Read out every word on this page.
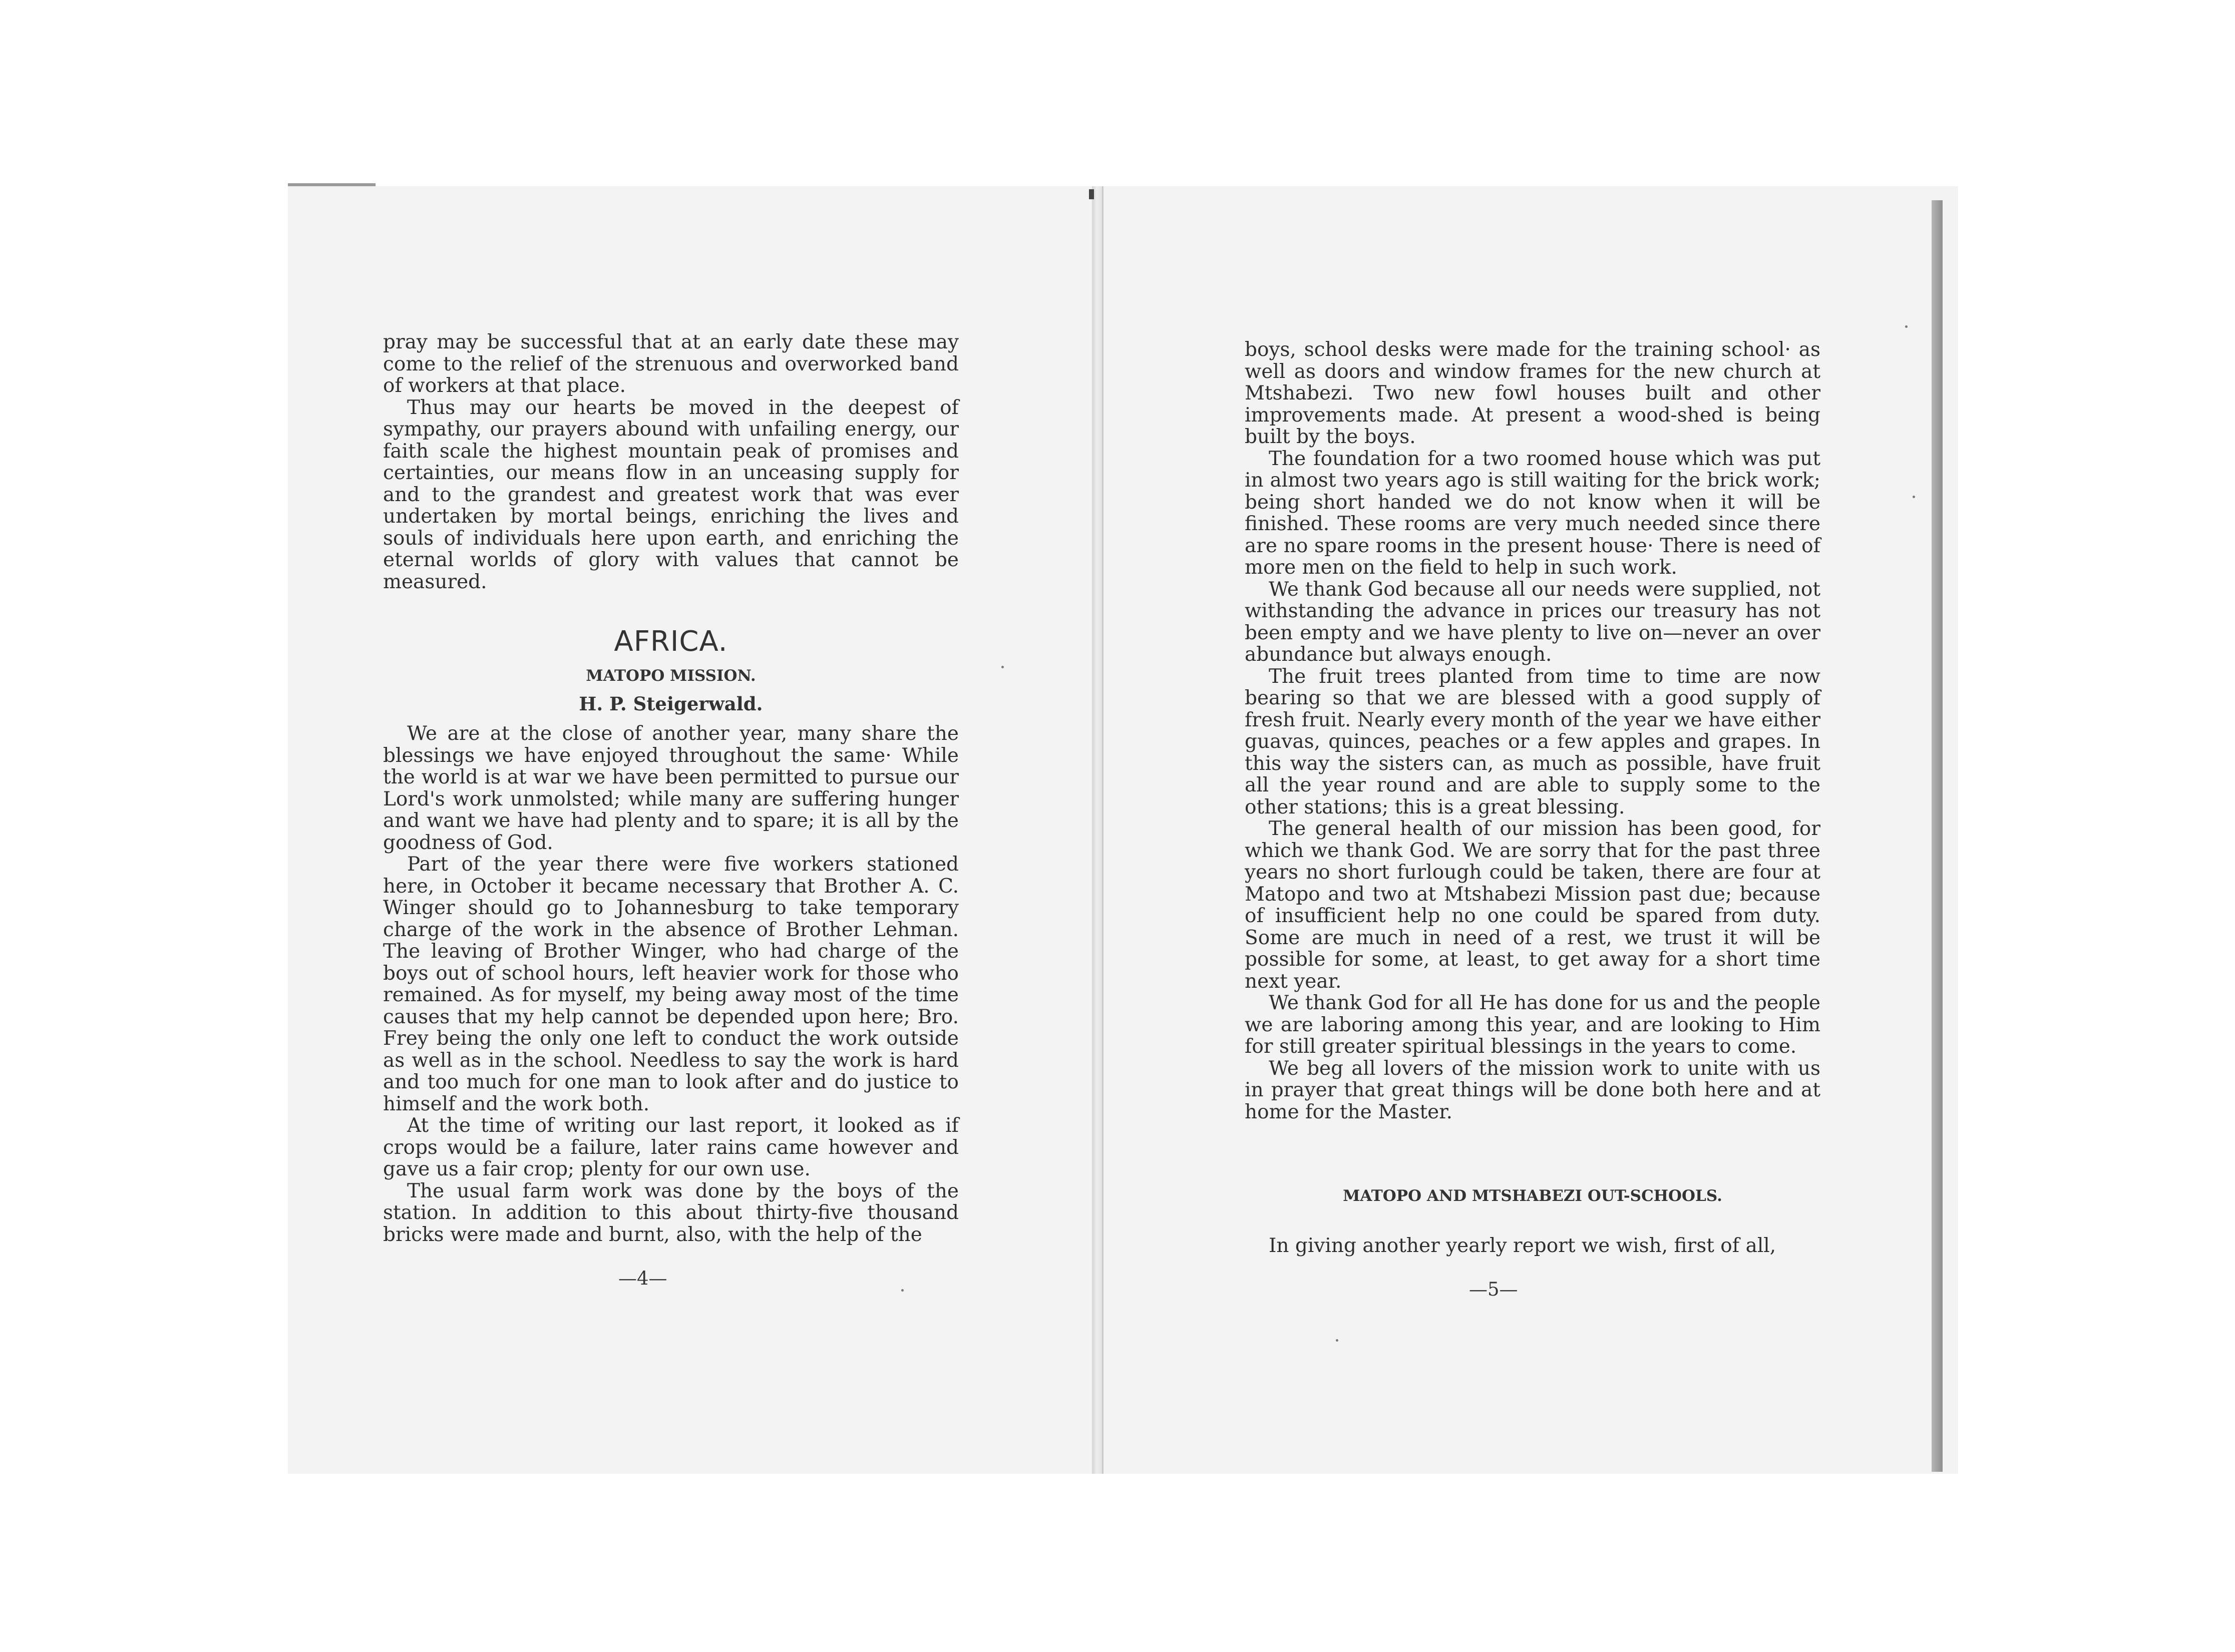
pray may be successful that at an early date these may come to the relief of the strenuous and overworked band of workers at that place.

Thus may our hearts be moved in the deepest of sympathy, our prayers abound with unfailing energy, our faith scale the highest mountain peak of promises and certainties, our means flow in an unceasing supply for and to the grandest and greatest work that was ever undertaken by mortal beings, enriching the lives and souls of individuals here upon earth, and enriching the eternal worlds of glory with values that cannot be measured.

AFRICA.
MATOPO MISSION.
H. P. Steigerwald.

We are at the close of another year, many share the blessings we have enjoyed throughout the same· While the world is at war we have been permitted to pursue our Lord's work unmolsted; while many are suffering hunger and want we have had plenty and to spare; it is all by the goodness of God.

Part of the year there were five workers stationed here, in October it became necessary that Brother A. C. Winger should go to Johannesburg to take temporary charge of the work in the absence of Brother Lehman. The leaving of Brother Winger, who had charge of the boys out of school hours, left heavier work for those who remained. As for myself, my being away most of the time causes that my help cannot be depended upon here; Bro. Frey being the only one left to conduct the work outside as well as in the school. Needless to say the work is hard and too much for one man to look after and do justice to himself and the work both.

At the time of writing our last report, it looked as if crops would be a failure, later rains came however and gave us a fair crop; plenty for our own use.

The usual farm work was done by the boys of the station. In addition to this about thirty-five thousand bricks were made and burnt, also, with the help of the

—4—

boys, school desks were made for the training school· as well as doors and window frames for the new church at Mtshabezi. Two new fowl houses built and other improvements made. At present a wood-shed is being built by the boys.

The foundation for a two roomed house which was put in almost two years ago is still waiting for the brick work; being short handed we do not know when it will be finished. These rooms are very much needed since there are no spare rooms in the present house· There is need of more men on the field to help in such work.

We thank God because all our needs were supplied, not withstanding the advance in prices our treasury has not been empty and we have plenty to live on—never an over abundance but always enough.

The fruit trees planted from time to time are now bearing so that we are blessed with a good supply of fresh fruit. Nearly every month of the year we have either guavas, quinces, peaches or a few apples and grapes. In this way the sisters can, as much as possible, have fruit all the year round and are able to supply some to the other stations; this is a great blessing.

The general health of our mission has been good, for which we thank God. We are sorry that for the past three years no short furlough could be taken, there are four at Matopo and two at Mtshabezi Mission past due; because of insufficient help no one could be spared from duty. Some are much in need of a rest, we trust it will be possible for some, at least, to get away for a short time next year.

We thank God for all He has done for us and the people we are laboring among this year, and are looking to Him for still greater spiritual blessings in the years to come.

We beg all lovers of the mission work to unite with us in prayer that great things will be done both here and at home for the Master.

MATOPO AND MTSHABEZI OUT-SCHOOLS.

In giving another yearly report we wish, first of all,

—5—
